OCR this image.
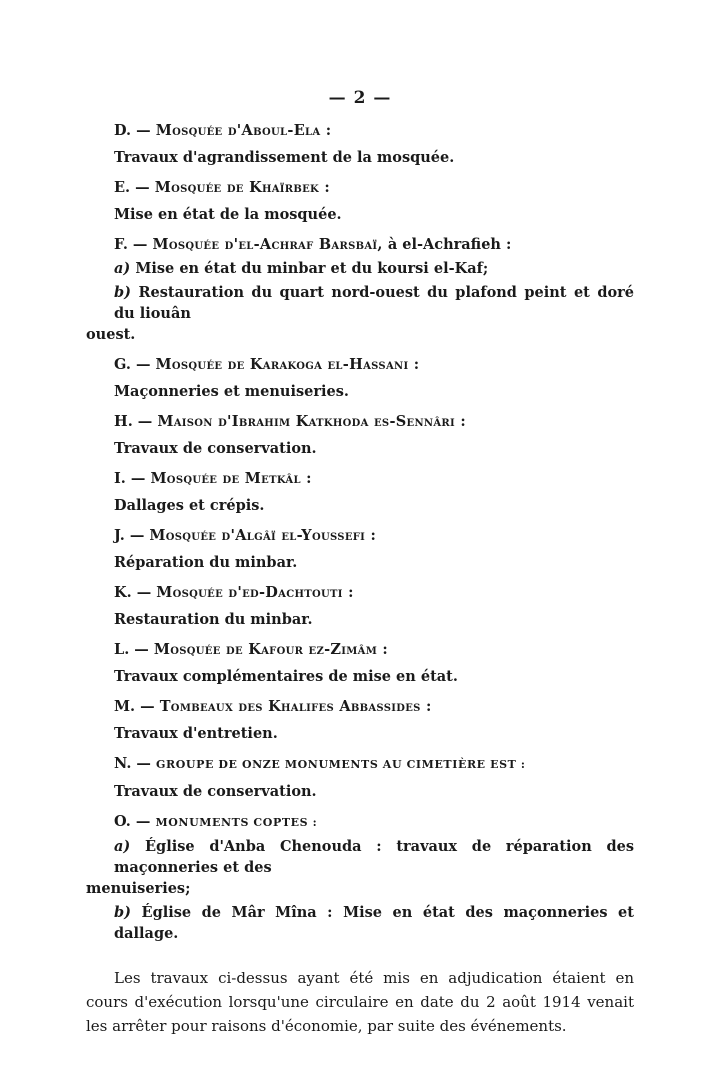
— 2 —

D. — Mosquée d'Aboul-Ela :

Travaux d'agrandissement de la mosquée.

E. — Mosquée de Khaïrbek :

Mise en état de la mosquée.

F. — Mosquée d'el-Achraf Barsbaï, à el-Achrafieh :

a) Mise en état du minbar et du koursi el-Kaf;

b) Restauration du quart nord-ouest du plafond peint et doré du liouân
ouest.

G. — Mosquée de Karakoga el-Hassani :

Maçonneries et menuiseries.

H. — Maison d'Ibrahim Katkhoda es-Sennâri :

Travaux de conservation.

I. — Mosquée de Metkâl :

Dallages et crépis.

J. — Mosquée d'Algâï el-Youssefi :

Réparation du minbar.

K. — Mosquée d'ed-Dachtouti :

Restauration du minbar.

L. — Mosquée de Kafour ez-Zimâm :

Travaux complémentaires de mise en état.

M. — Tombeaux des Khalifes Abbassides :

Travaux d'entretien.

N. — GROUPE DE ONZE MONUMENTS AU CIMETIÈRE EST :

Travaux de conservation.

O. — MONUMENTS COPTES :

a) Église d'Anba Chenouda : travaux de réparation des maçonneries et des
menuiseries;

b) Église de Mâr Mîna : Mise en état des maçonneries et dallage.

Les travaux ci-dessus ayant été mis en adjudication étaient en cours d'exécution lorsqu'une circulaire en date du 2 août 1914 venait les arrêter pour raisons d'économie, par suite des événements.
